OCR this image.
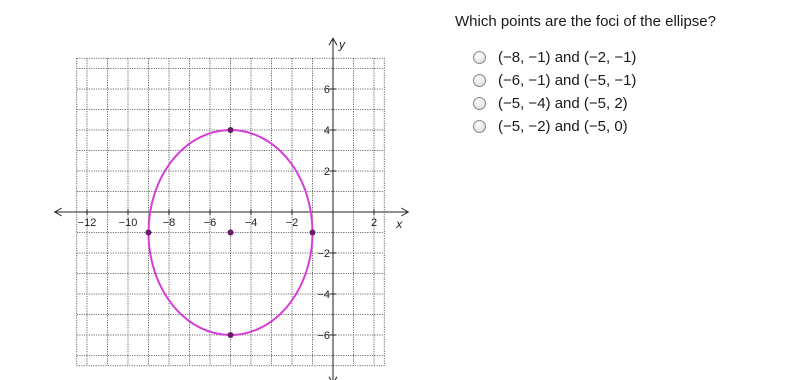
−12 −10 −8	−6	−4	−2	2
6
4
2
−2
−4
−6
x
y

Which points are the foci of the ellipse?

(−8, −1) and (−2, −1)
(−6, −1) and (−5, −1)
(−5, −4) and (−5, 2)
(−5, −2) and (−5, 0)
